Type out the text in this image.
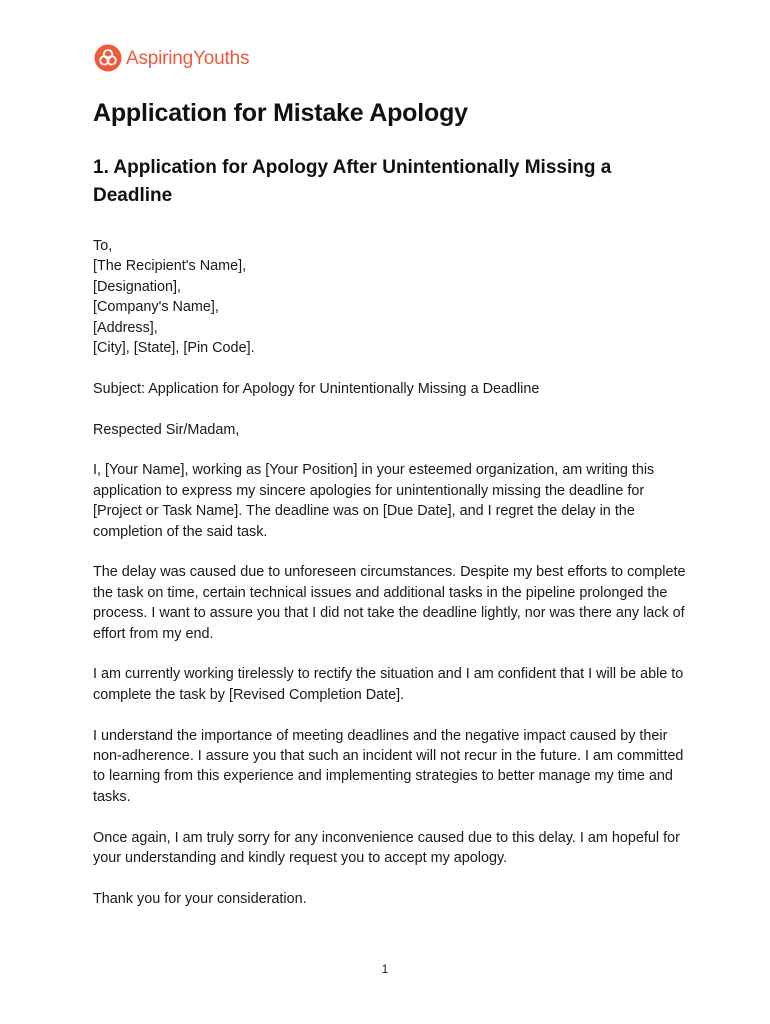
AspiringYouths
Application for Mistake Apology
1. Application for Apology After Unintentionally Missing a Deadline
To,
[The Recipient's Name],
[Designation],
[Company's Name],
[Address],
[City], [State], [Pin Code].

Subject: Application for Apology for Unintentionally Missing a Deadline

Respected Sir/Madam,

I, [Your Name], working as [Your Position] in your esteemed organization, am writing this application to express my sincere apologies for unintentionally missing the deadline for [Project or Task Name]. The deadline was on [Due Date], and I regret the delay in the completion of the said task.

The delay was caused due to unforeseen circumstances. Despite my best efforts to complete the task on time, certain technical issues and additional tasks in the pipeline prolonged the process. I want to assure you that I did not take the deadline lightly, nor was there any lack of effort from my end.

I am currently working tirelessly to rectify the situation and I am confident that I will be able to complete the task by [Revised Completion Date].

I understand the importance of meeting deadlines and the negative impact caused by their non-adherence. I assure you that such an incident will not recur in the future. I am committed to learning from this experience and implementing strategies to better manage my time and tasks.

Once again, I am truly sorry for any inconvenience caused due to this delay. I am hopeful for your understanding and kindly request you to accept my apology.

Thank you for your consideration.

1
